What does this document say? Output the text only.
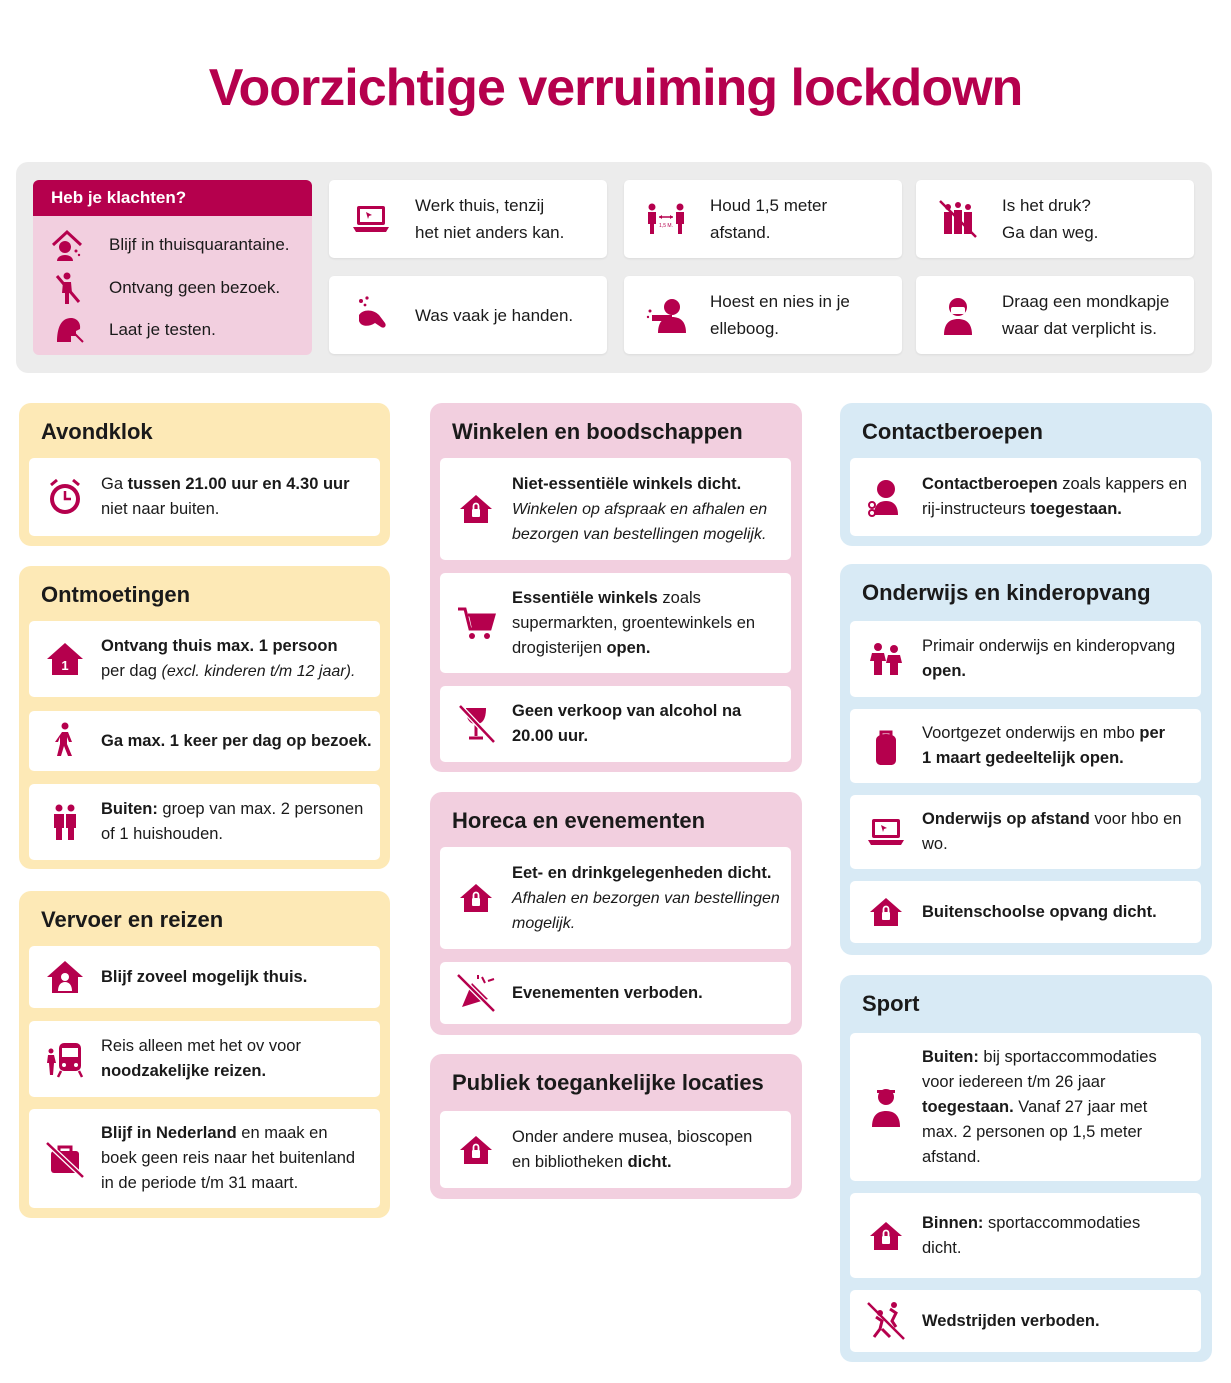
Voorzichtige verruiming lockdown
Heb je klachten?
Blijf in thuisquarantaine.
Ontvang geen bezoek.
Laat je testen.
Werk thuis, tenzij
het niet anders kan.	1,5 M.
Houd 1,5 meter
afstand.
Is het druk?
Ga dan weg.
Was vaak je handen.
Hoest en nies in je
elleboog.
Draag een mondkapje
waar dat verplicht is.
Avondklok
Ga tussen 21.00 uur en 4.30 uur
niet naar buiten.
Ontmoetingen
1
Ontvang thuis max. 1 persoon
per dag (excl. kinderen t/m 12 jaar).
Ga max. 1 keer per dag op bezoek.
Buiten: groep van max. 2 personen
of 1 huishouden.
Vervoer en reizen
Blijf zoveel mogelijk thuis.
Reis alleen met het ov voor
noodzakelijke reizen.
Blijf in Nederland en maak en
boek geen reis naar het buitenland
in de periode t/m 31 maart.
Winkelen en boodschappen
Niet-essentiële winkels dicht.
Winkelen op afspraak en afhalen en
bezorgen van bestellingen mogelijk.
Essentiële winkels zoals
supermarkten, groentewinkels en
drogisterijen open.
Geen verkoop van alcohol na
20.00 uur.
Horeca en evenementen
Eet- en drinkgelegenheden dicht.
Afhalen en bezorgen van bestellingen
mogelijk.
Evenementen verboden.
Publiek toegankelijke locaties
Onder andere musea, bioscopen
en bibliotheken dicht.
Contactberoepen
Contactberoepen zoals kappers en
rij-instructeurs toegestaan.
Onderwijs en kinderopvang
Primair onderwijs en kinderopvang
open.
Voortgezet onderwijs en mbo per
1 maart gedeeltelijk open.
Onderwijs op afstand voor hbo en
wo.
Buitenschoolse opvang dicht.
Sport
Buiten: bij sportaccommodaties
voor iedereen t/m 26 jaar
toegestaan. Vanaf 27 jaar met
max. 2 personen op 1,5 meter
afstand.
Binnen: sportaccommodaties
dicht.
Wedstrijden verboden.
